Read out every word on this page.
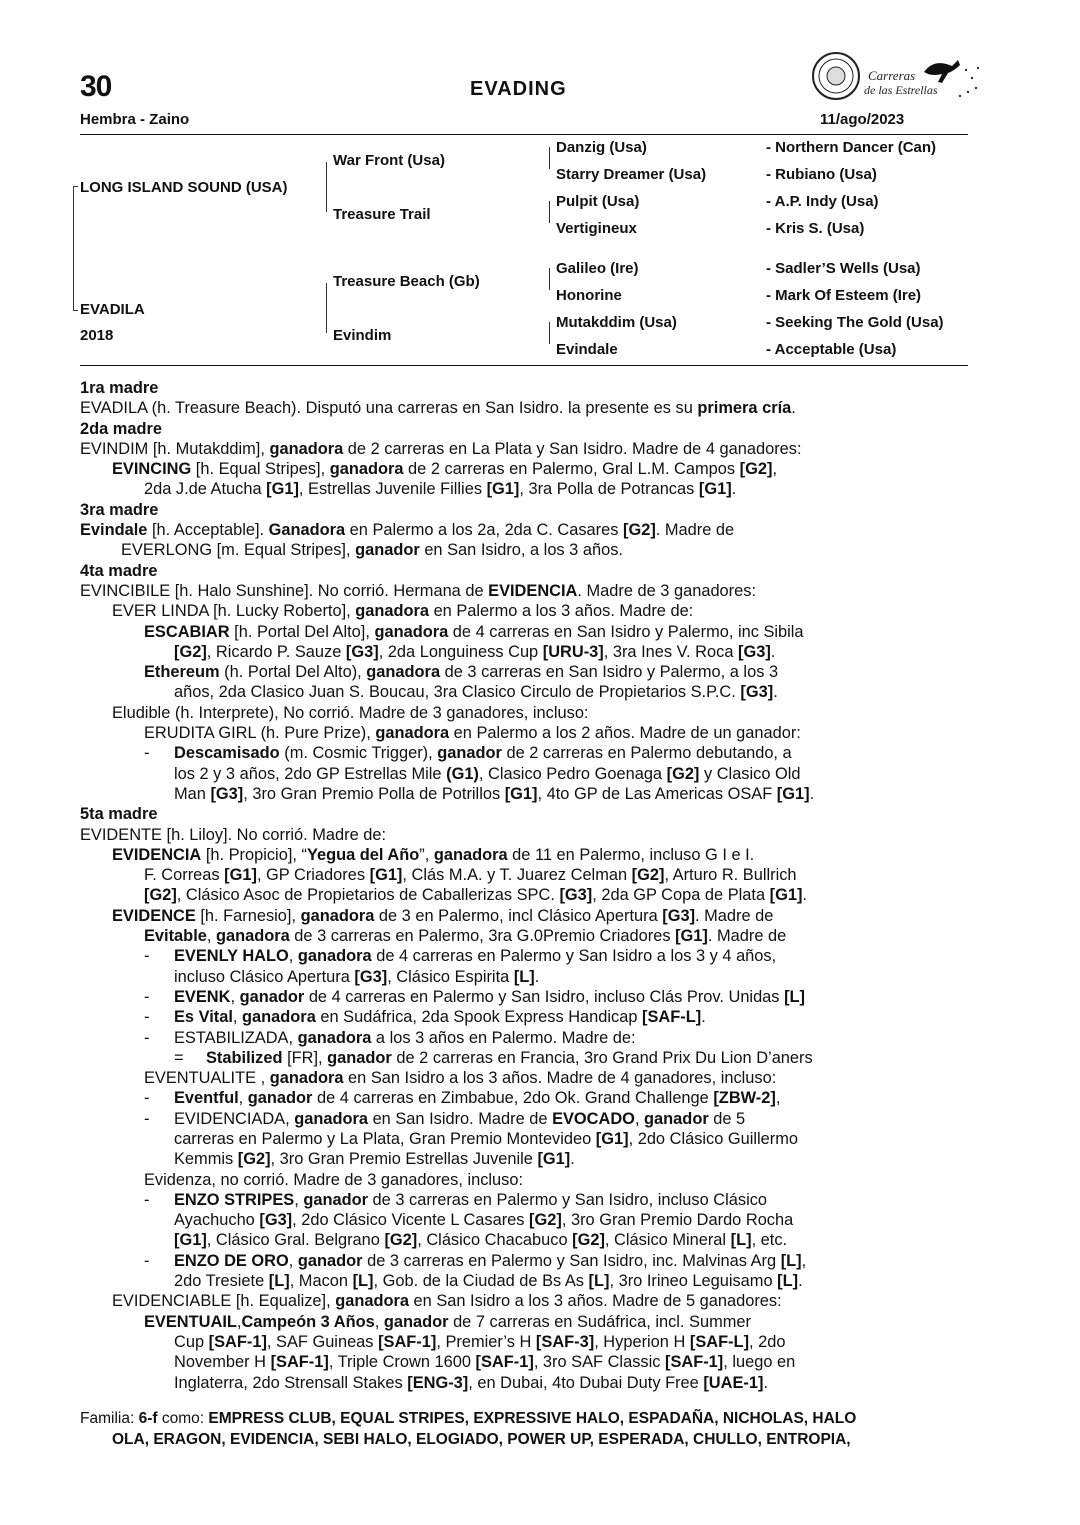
30	EVADING
Carreras
de las Estrellas
Hembra - Zaino	11/ago/2023
LONG ISLAND SOUND (USA)
EVADILA
2018
War Front (Usa)
Treasure Trail
Treasure Beach (Gb)
Evindim
Danzig (Usa)
Starry Dreamer (Usa)
Pulpit (Usa)
Vertigineux
Galileo (Ire)
Honorine
Mutakddim (Usa)
Evindale
- Northern Dancer (Can)
- Rubiano (Usa)
- A.P. Indy (Usa)
- Kris S. (Usa)
- Sadler’S Wells (Usa)
- Mark Of Esteem (Ire)
- Seeking The Gold (Usa)
- Acceptable (Usa)

1ra madre

EVADILA (h. Treasure Beach). Disputó una carreras en San Isidro. la presente es su primera cría.

2da madre

EVINDIM [h. Mutakddim], ganadora de 2 carreras en La Plata y San Isidro. Madre de 4 ganadores:

EVINCING [h. Equal Stripes], ganadora de 2 carreras en Palermo, Gral L.M. Campos [G2],

2da J.de Atucha [G1], Estrellas Juvenile Fillies [G1], 3ra Polla de Potrancas [G1].

3ra madre

Evindale [h. Acceptable]. Ganadora en Palermo a los 2a, 2da C. Casares [G2]. Madre de

EVERLONG [m. Equal Stripes], ganador en San Isidro, a los 3 años.

4ta madre

EVINCIBILE [h. Halo Sunshine]. No corrió. Hermana de EVIDENCIA. Madre de 3 ganadores:

EVER LINDA [h. Lucky Roberto], ganadora en Palermo a los 3 años. Madre de:

ESCABIAR [h. Portal Del Alto], ganadora de 4 carreras en San Isidro y Palermo, inc Sibila

[G2], Ricardo P. Sauze [G3], 2da Longuiness Cup [URU-3], 3ra Ines V. Roca [G3].

Ethereum (h. Portal Del Alto), ganadora de 3 carreras en San Isidro y Palermo, a los 3

años, 2da Clasico Juan S. Boucau, 3ra Clasico Circulo de Propietarios S.P.C. [G3].

Eludible (h. Interprete), No corrió. Madre de 3 ganadores, incluso:

ERUDITA GIRL (h. Pure Prize), ganadora en Palermo a los 2 años. Madre de un ganador:

- Descamisado (m. Cosmic Trigger), ganador de 2 carreras en Palermo debutando, a

los 2 y 3 años, 2do GP Estrellas Mile (G1), Clasico Pedro Goenaga [G2] y Clasico Old

Man [G3], 3ro Gran Premio Polla de Potrillos [G1], 4to GP de Las Americas OSAF [G1].

5ta madre

EVIDENTE [h. Liloy]. No corrió. Madre de:

EVIDENCIA [h. Propicio], “Yegua del Año”, ganadora de 11 en Palermo, incluso G I e I.

F. Correas [G1], GP Criadores [G1], Clás M.A. y T. Juarez Celman [G2], Arturo R. Bullrich

[G2], Clásico Asoc de Propietarios de Caballerizas SPC. [G3], 2da GP Copa de Plata [G1].

EVIDENCE [h. Farnesio], ganadora de 3 en Palermo, incl Clásico Apertura [G3]. Madre de

Evitable, ganadora de 3 carreras en Palermo, 3ra G.0Premio Criadores [G1]. Madre de

- EVENLY HALO, ganadora de 4 carreras en Palermo y San Isidro a los 3 y 4 años,

incluso Clásico Apertura [G3], Clásico Espirita [L].

- EVENK, ganador de 4 carreras en Palermo y San Isidro, incluso Clás Prov. Unidas [L]

- Es Vital, ganadora en Sudáfrica, 2da Spook Express Handicap [SAF-L].

- ESTABILIZADA, ganadora a los 3 años en Palermo. Madre de:

= Stabilized [FR], ganador de 2 carreras en Francia, 3ro Grand Prix Du Lion D’aners

EVENTUALITE , ganadora en San Isidro a los 3 años. Madre de 4 ganadores, incluso:

- Eventful, ganador de 4 carreras en Zimbabue, 2do Ok. Grand Challenge [ZBW-2],

- EVIDENCIADA, ganadora en San Isidro. Madre de EVOCADO, ganador de 5

carreras en Palermo y La Plata, Gran Premio Montevideo [G1], 2do Clásico Guillermo

Kemmis [G2], 3ro Gran Premio Estrellas Juvenile [G1].

Evidenza, no corrió. Madre de 3 ganadores, incluso:

- ENZO STRIPES, ganador de 3 carreras en Palermo y San Isidro, incluso Clásico

Ayachucho [G3], 2do Clásico Vicente L Casares [G2], 3ro Gran Premio Dardo Rocha

[G1], Clásico Gral. Belgrano [G2], Clásico Chacabuco [G2], Clásico Mineral [L], etc.

- ENZO DE ORO, ganador de 3 carreras en Palermo y San Isidro, inc. Malvinas Arg [L],

2do Tresiete [L], Macon [L], Gob. de la Ciudad de Bs As [L], 3ro Irineo Leguisamo [L].

EVIDENCIABLE [h. Equalize], ganadora en San Isidro a los 3 años. Madre de 5 ganadores:

EVENTUAIL,Campeón 3 Años, ganador de 7 carreras en Sudáfrica, incl. Summer

Cup [SAF-1], SAF Guineas [SAF-1], Premier’s H [SAF-3], Hyperion H [SAF-L], 2do

November H [SAF-1], Triple Crown 1600 [SAF-1], 3ro SAF Classic [SAF-1], luego en

Inglaterra, 2do Strensall Stakes [ENG-3], en Dubai, 4to Dubai Duty Free [UAE-1].

Familia: 6-f como: EMPRESS CLUB, EQUAL STRIPES, EXPRESSIVE HALO, ESPADAÑA, NICHOLAS, HALO
OLA, ERAGON, EVIDENCIA, SEBI HALO, ELOGIADO, POWER UP, ESPERADA, CHULLO, ENTROPIA,
